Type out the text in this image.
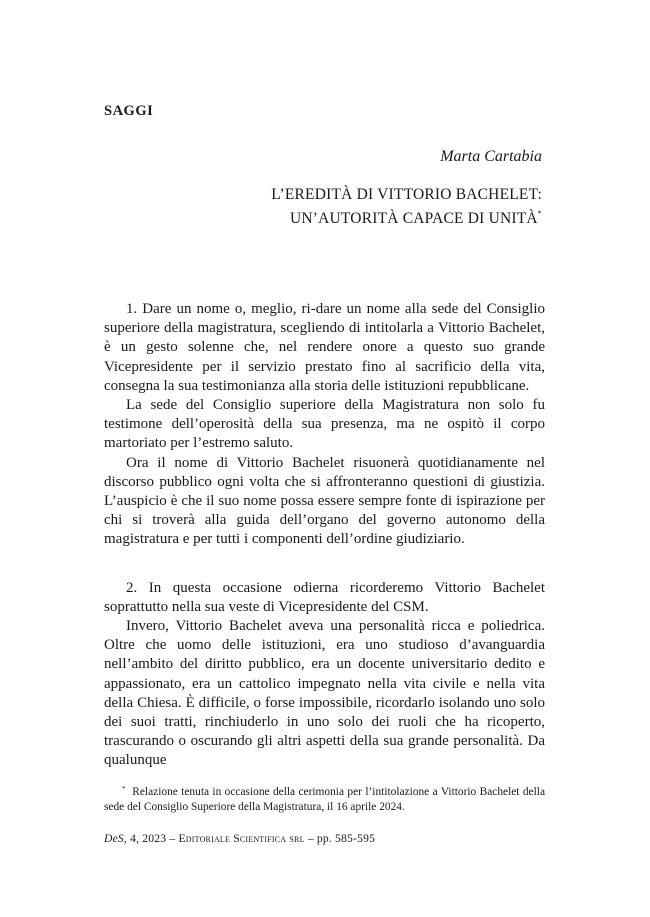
SAGGI
Marta Cartabia
L’EREDITÀ DI VITTORIO BACHELET:
UN’AUTORITÀ CAPACE DI UNITÀ*

1. Dare un nome o, meglio, ri-dare un nome alla sede del Consiglio superiore della magistratura, scegliendo di intitolarla a Vittorio Bachelet, è un gesto solenne che, nel rendere onore a questo suo grande Vicepresidente per il servizio prestato fino al sacrificio della vita, consegna la sua testimonianza alla storia delle istituzioni repubblicane.

La sede del Consiglio superiore della Magistratura non solo fu testimone dell’operosità della sua presenza, ma ne ospitò il corpo martoriato per l’estremo saluto.

Ora il nome di Vittorio Bachelet risuonerà quotidianamente nel discorso pubblico ogni volta che si affronteranno questioni di giustizia. L’auspicio è che il suo nome possa essere sempre fonte di ispirazione per chi si troverà alla guida dell’organo del governo autonomo della magistratura e per tutti i componenti dell’ordine giudiziario.

2. In questa occasione odierna ricorderemo Vittorio Bachelet soprattutto nella sua veste di Vicepresidente del CSM.

Invero, Vittorio Bachelet aveva una personalità ricca e poliedrica. Oltre che uomo delle istituzioni, era uno studioso d’avanguardia nell’ambito del diritto pubblico, era un docente universitario dedito e appassionato, era un cattolico impegnato nella vita civile e nella vita della Chiesa. È difficile, o forse impossibile, ricordarlo isolando uno solo dei suoi tratti, rinchiuderlo in uno solo dei ruoli che ha ricoperto, trascurando o oscurando gli altri aspetti della sua grande personalità. Da qualunque

* Relazione tenuta in occasione della cerimonia per l’intitolazione a Vittorio Bachelet della sede del Consiglio Superiore della Magistratura, il 16 aprile 2024.

DeS, 4, 2023 – Editoriale Scientifica srl – pp. 585-595
